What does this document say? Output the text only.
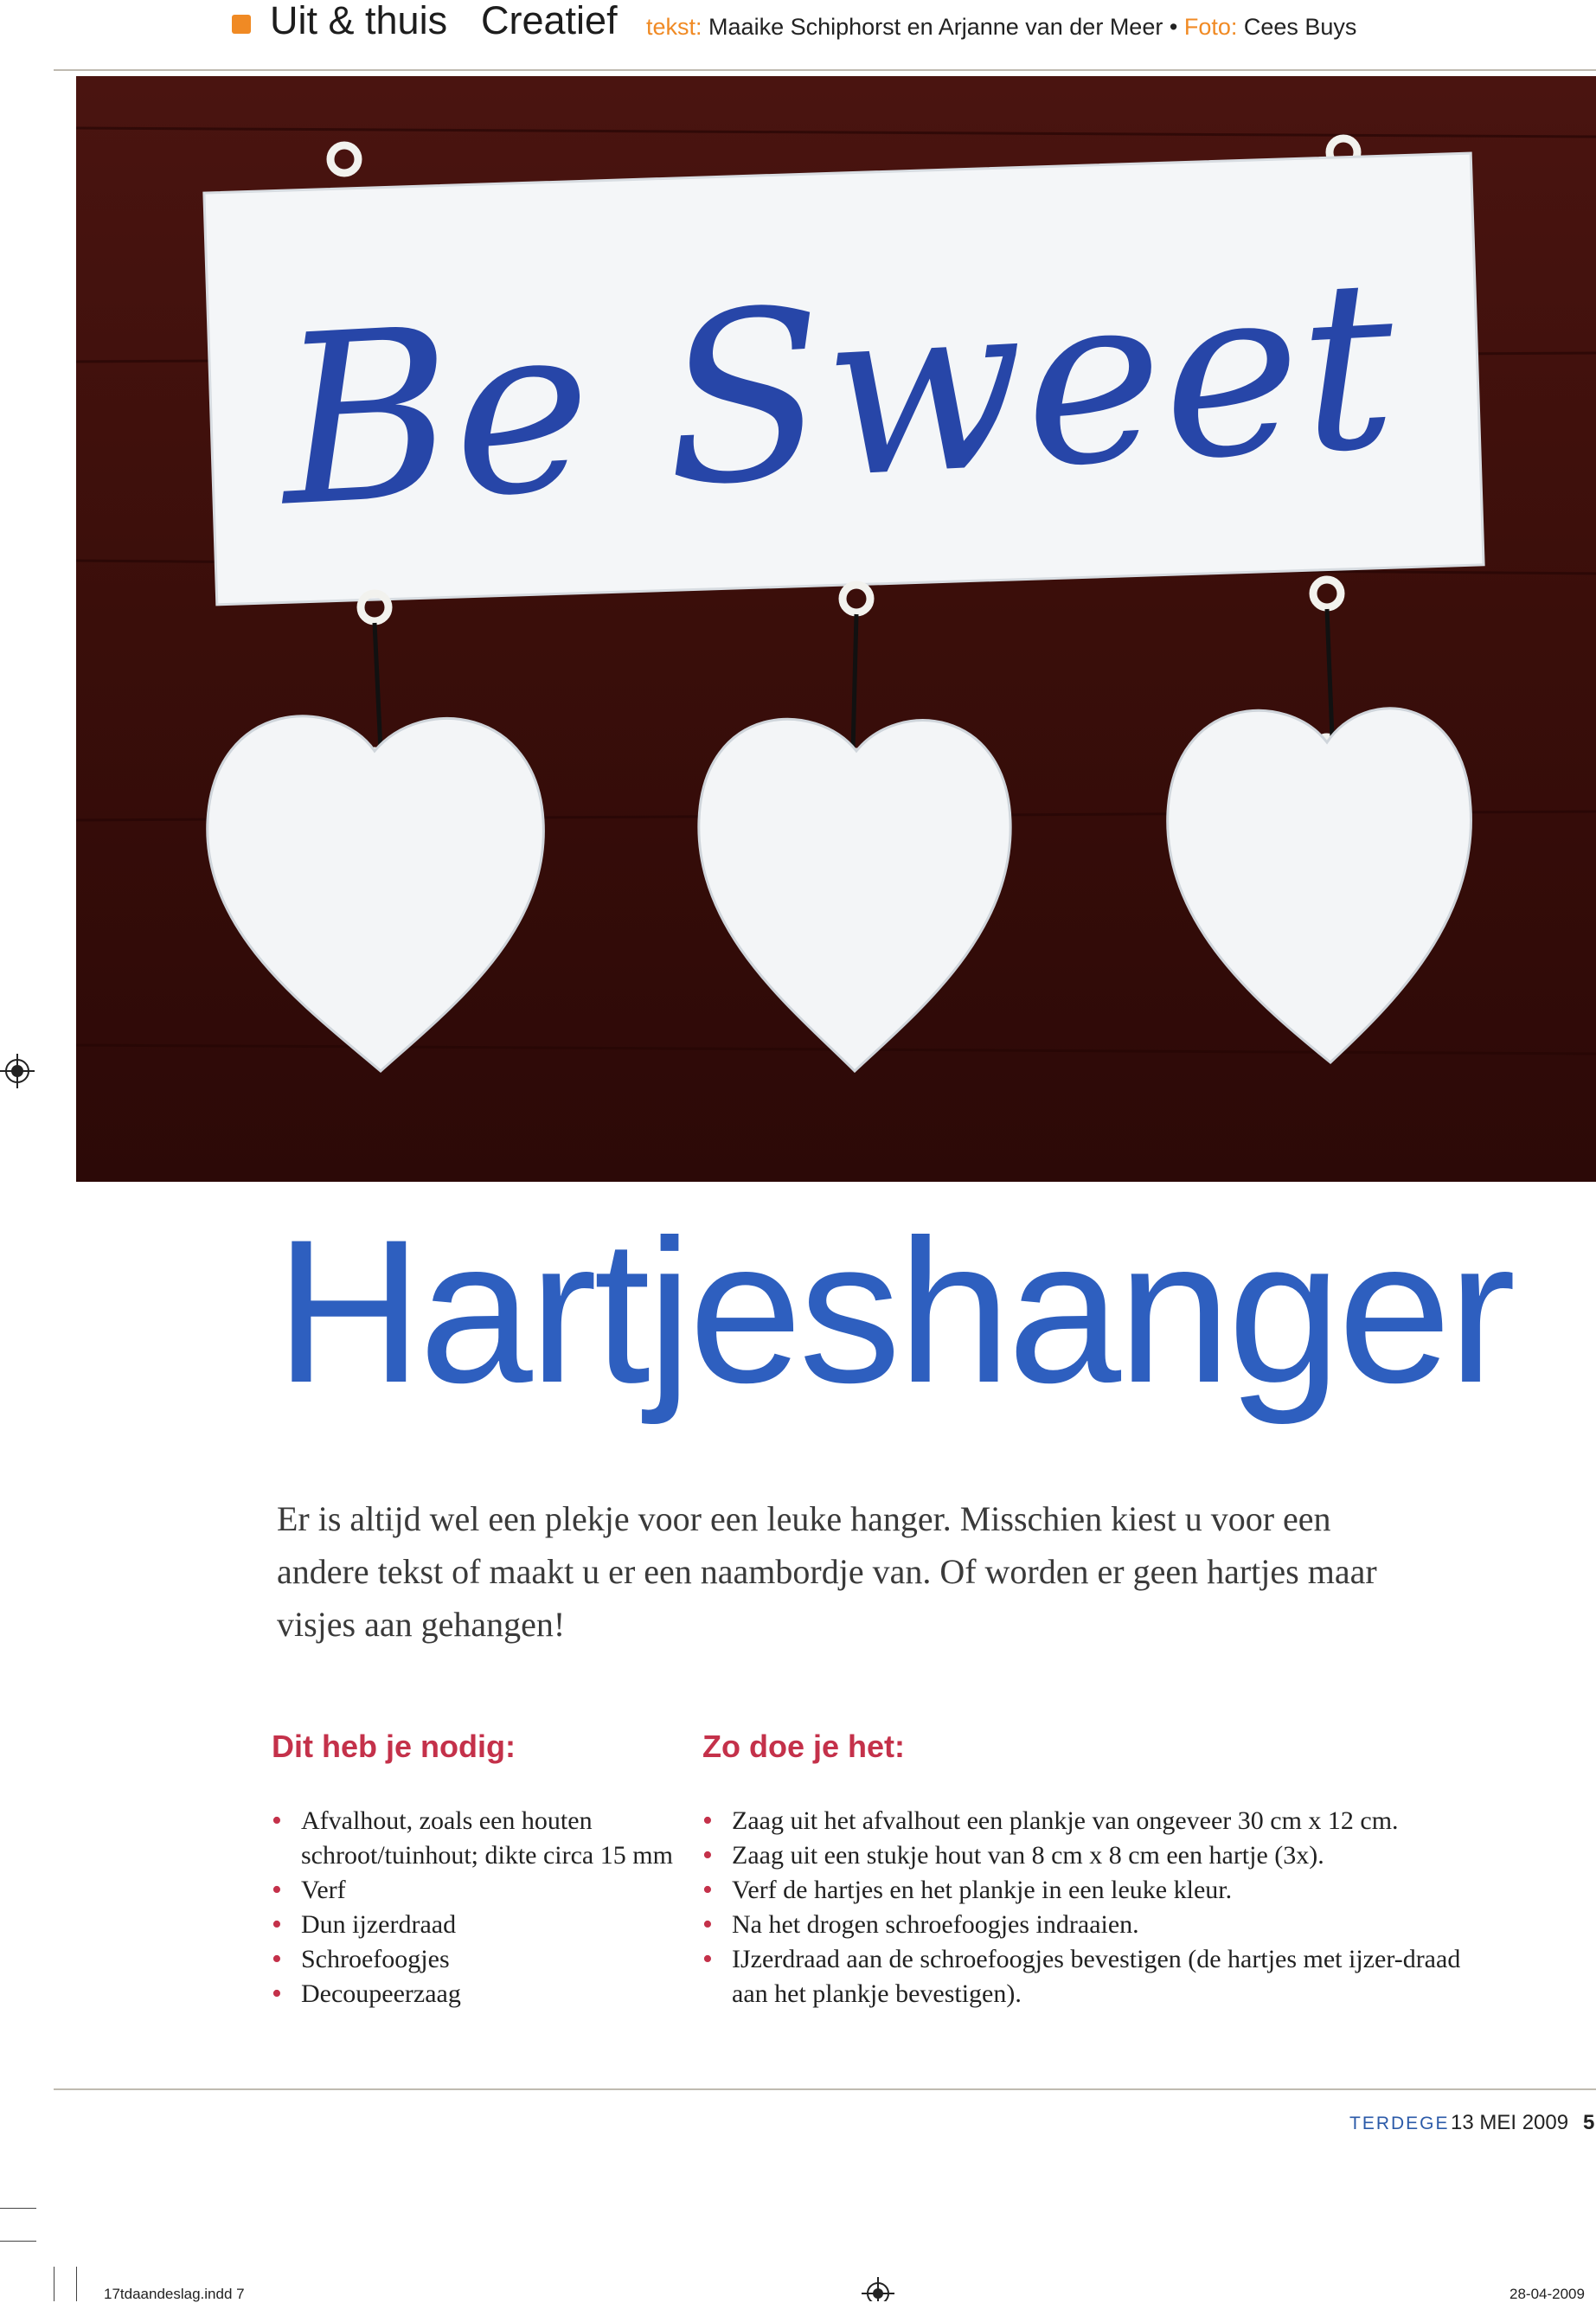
Uit & thuis Creatief tekst: Maaike Schiphorst en Arjanne van der Meer • Foto: Cees Buys
Be Sweet
Hartjeshanger

Er is altijd wel een plekje voor een leuke hanger. Misschien kiest u voor een andere tekst of maakt u er een naambordje van. Of worden er geen hartjes maar visjes aan gehangen!

Dit heb je nodig:
• Afvalhout, zoals een houten schroot/tuinhout; dikte circa 15 mm
• Verf
• Dun ijzerdraad
• Schroefoogjes
• Decoupeerzaag
Zo doe je het:
• Zaag uit het afvalhout een plankje van ongeveer 30 cm x 12 cm.
• Zaag uit een stukje hout van 8 cm x 8 cm een hartje (3x).
• Verf de hartjes en het plankje in een leuke kleur.
• Na het drogen schroefoogjes indraaien.
• IJzerdraad aan de schroefoogjes bevestigen (de hartjes met ijzer-draad aan het plankje bevestigen).
TERDEGE 13 MEI 2009 5
17tdaandeslag.indd 7	28-04-2009
